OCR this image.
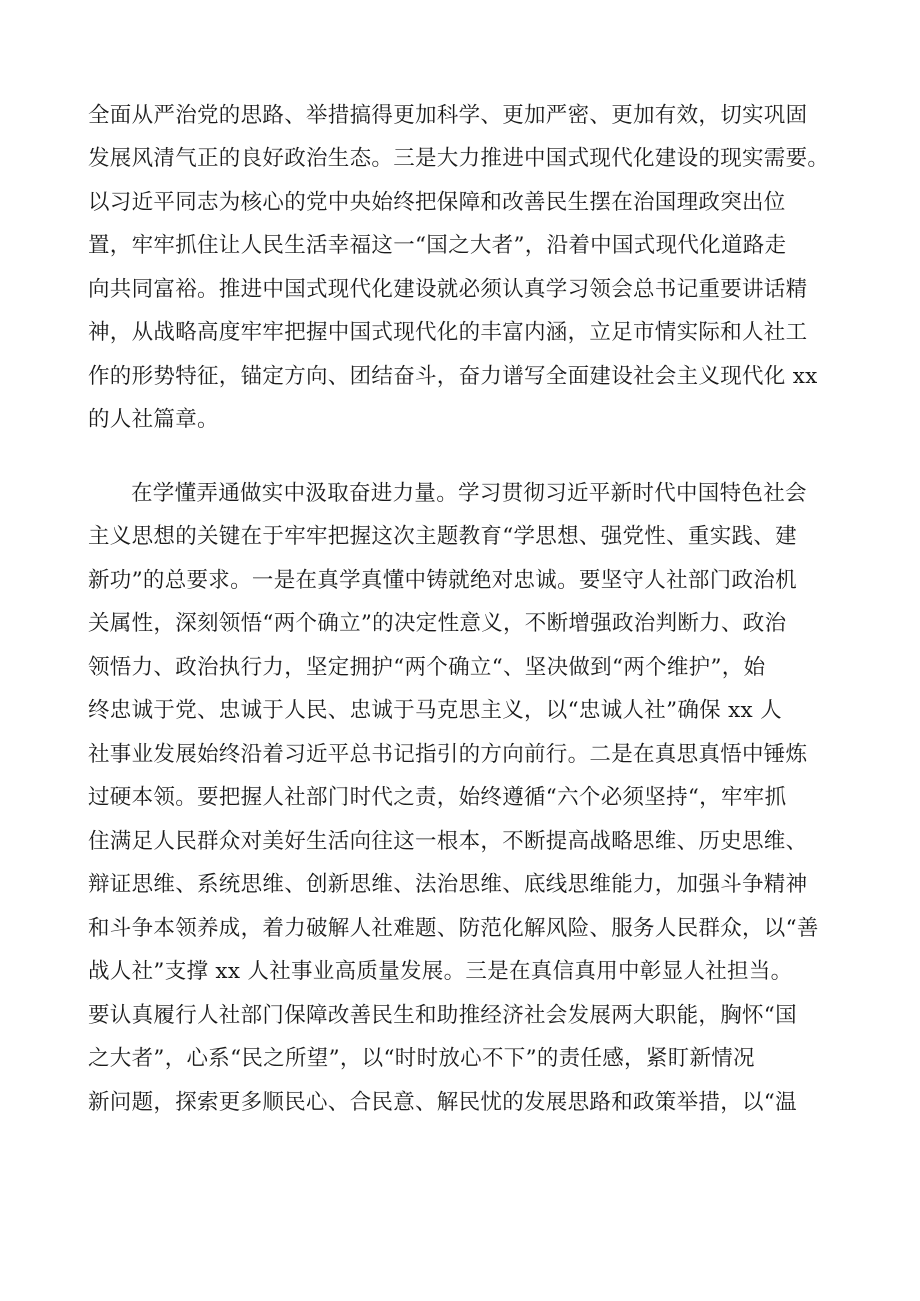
全面从严治党的思路、举措搞得更加科学、更加严密、更加有效，切实巩固
发展风清气正的良好政治生态。三是大力推进中国式现代化建设的现实需要。
以习近平同志为核心的党中央始终把保障和改善民生摆在治国理政突出位
置，牢牢抓住让人民生活幸福这一“国之大者”，沿着中国式现代化道路走
向共同富裕。推进中国式现代化建设就必须认真学习领会总书记重要讲话精
神，从战略高度牢牢把握中国式现代化的丰富内涵，立足市情实际和人社工
作的形势特征，锚定方向、团结奋斗，奋力谱写全面建设社会主义现代化 xx
的人社篇章。
在学懂弄通做实中汲取奋进力量。学习贯彻习近平新时代中国特色社会
主义思想的关键在于牢牢把握这次主题教育“学思想、强党性、重实践、建
新功”的总要求。一是在真学真懂中铸就绝对忠诚。要坚守人社部门政治机
关属性，深刻领悟“两个确立”的决定性意义，不断增强政治判断力、政治
领悟力、政治执行力，坚定拥护“两个确立“、坚决做到“两个维护”，始
终忠诚于党、忠诚于人民、忠诚于马克思主义，以“忠诚人社”确保 xx 人
社事业发展始终沿着习近平总书记指引的方向前行。二是在真思真悟中锤炼
过硬本领。要把握人社部门时代之责，始终遵循“六个必须坚持“，牢牢抓
住满足人民群众对美好生活向往这一根本，不断提高战略思维、历史思维、
辩证思维、系统思维、创新思维、法治思维、底线思维能力，加强斗争精神
和斗争本领养成，着力破解人社难题、防范化解风险、服务人民群众，以“善
战人社”支撑 xx 人社事业高质量发展。三是在真信真用中彰显人社担当。
要认真履行人社部门保障改善民生和助推经济社会发展两大职能，胸怀“国
之大者”，心系“民之所望”，以“时时放心不下”的责任感，紧盯新情况
新问题，探索更多顺民心、合民意、解民忧的发展思路和政策举措，以“温
